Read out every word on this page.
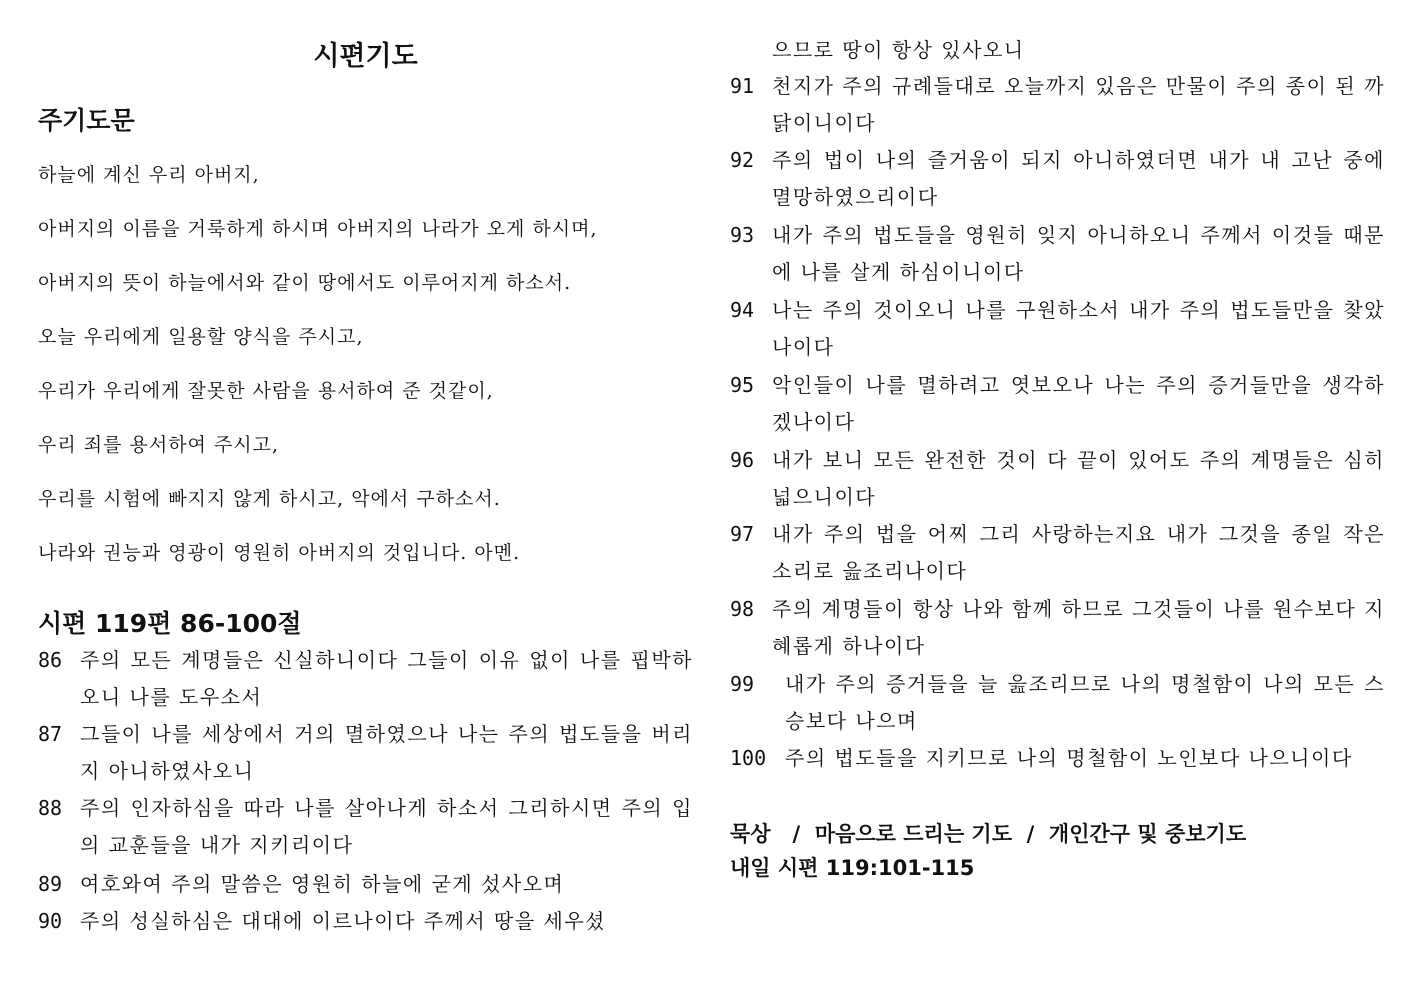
시편기도
주기도문

하늘에 계신 우리 아버지,

아버지의 이름을 거룩하게 하시며 아버지의 나라가 오게 하시며,

아버지의 뜻이 하늘에서와 같이 땅에서도 이루어지게 하소서.

오늘 우리에게 일용할 양식을 주시고,

우리가 우리에게 잘못한 사람을 용서하여 준 것같이,

우리 죄를 용서하여 주시고,

우리를 시험에 빠지지 않게 하시고, 악에서 구하소서.

나라와 권능과 영광이 영원히 아버지의 것입니다. 아멘.

시편 119편 86-100절
86 주의 모든 계명들은 신실하니이다 그들이 이유 없이 나를 핍박하오니 나를 도우소서
87 그들이 나를 세상에서 거의 멸하였으나 나는 주의 법도들을 버리지 아니하였사오니
88 주의 인자하심을 따라 나를 살아나게 하소서 그리하시면 주의 입의 교훈들을 내가 지키리이다
89 여호와여 주의 말씀은 영원히 하늘에 굳게 섰사오며
90 주의 성실하심은 대대에 이르나이다 주께서 땅을 세우셨

으므로 땅이 항상 있사오니

91 천지가 주의 규례들대로 오늘까지 있음은 만물이 주의 종이 된 까닭이니이다
92 주의 법이 나의 즐거움이 되지 아니하였더면 내가 내 고난 중에 멸망하였으리이다
93 내가 주의 법도들을 영원히 잊지 아니하오니 주께서 이것들 때문에 나를 살게 하심이니이다
94 나는 주의 것이오니 나를 구원하소서 내가 주의 법도들만을 찾았나이다
95 악인들이 나를 멸하려고 엿보오나 나는 주의 증거들만을 생각하겠나이다
96 내가 보니 모든 완전한 것이 다 끝이 있어도 주의 계명들은 심히 넓으니이다
97 내가 주의 법을 어찌 그리 사랑하는지요 내가 그것을 종일 작은 소리로 읊조리나이다
98 주의 계명들이 항상 나와 함께 하므로 그것들이 나를 원수보다 지혜롭게 하나이다
99	내가 주의 증거들을 늘 읊조리므로 나의 명철함이 나의 모든 스승보다 나으며
100 주의 법도들을 지키므로 나의 명철함이 노인보다 나으니이다

묵상   /  마음으로 드리는 기도  /  개인간구 및 중보기도

내일 시편 119:101-115
